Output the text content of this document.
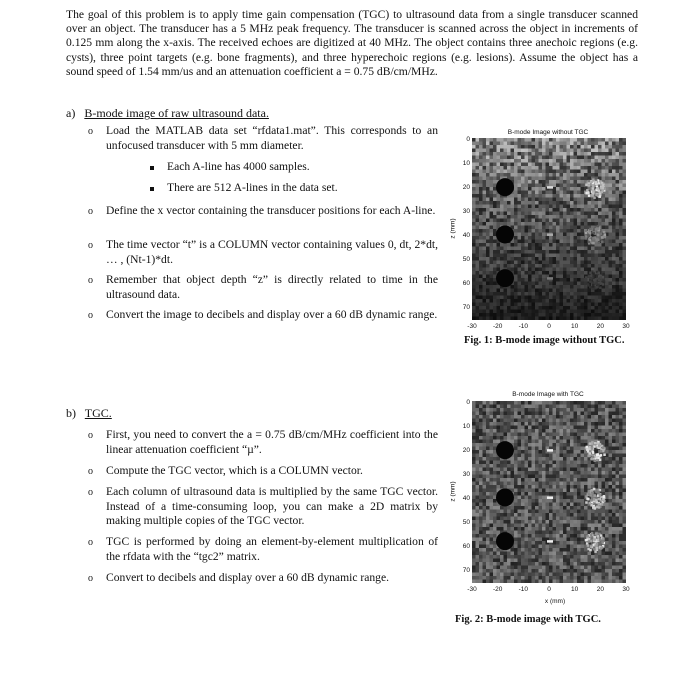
The goal of this problem is to apply time gain compensation (TGC) to ultrasound data from a single transducer scanned over an object. The transducer has a 5 MHz peak frequency. The transducer is scanned across the object in increments of 0.125 mm along the x-axis. The received echoes are digitized at 40 MHz. The object contains three anechoic regions (e.g. cysts), three point targets (e.g. bone fragments), and three hyperechoic regions (e.g. lesions). Assume the object has a sound speed of 1.54 mm/us and an attenuation coefficient a = 0.75 dB/cm/MHz.
a) B-mode image of raw ultrasound data.
o Load the MATLAB data set “rfdata1.mat”. This corresponds to an unfocused transducer with 5 mm diameter.
Each A-line has 4000 samples.
There are 512 A-lines in the data set.
o Define the x vector containing the transducer positions for each A-line.
o The time vector “t” is a COLUMN vector containing values 0, dt, 2*dt, … , (Nt-1)*dt.
o Remember that object depth “z” is directly related to time in the ultrasound data.
o Convert the image to decibels and display over a 60 dB dynamic range.
b) TGC.
o First, you need to convert the a = 0.75 dB/cm/MHz coefficient into the linear attenuation coefficient “µ”.
o Compute the TGC vector, which is a COLUMN vector.
o Each column of ultrasound data is multiplied by the same TGC vector. Instead of a time-consuming loop, you can make a 2D matrix by making multiple copies of the TGC vector.
o TGC is performed by doing an element-by-element multiplication of the rfdata with the “tgc2” matrix.
o Convert to decibels and display over a 60 dB dynamic range.
B-mode Image without TGC
z (mm)
0
10
20
30
40
50
60
70
-30	-20	-10	0	10	20	30
Fig. 1: B-mode image without TGC.
B-mode Image with TGC
z (mm)
0
10
20
30
40
50
60
70
-30	-20	-10	0	10	20	30
x (mm)
Fig. 2: B-mode image with TGC.
